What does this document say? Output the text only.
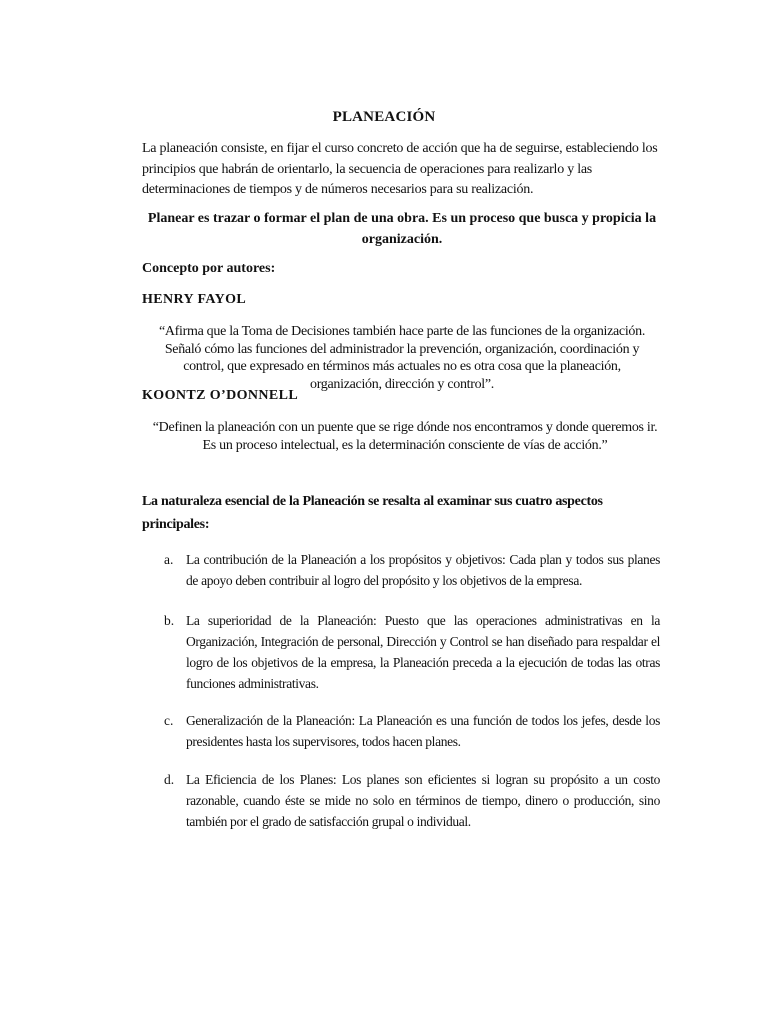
PLANEACIÓN

La planeación consiste, en fijar el curso concreto de acción que ha de seguirse, estableciendo los principios que habrán de orientarlo, la secuencia de operaciones para realizarlo y las determinaciones de tiempos y de números necesarios para su realización.

Planear es trazar o formar el plan de una obra. Es un proceso que busca y propicia la organización.

Concepto por autores:

HENRY FAYOL

“Afirma que la Toma de Decisiones también hace parte de las funciones de la organización. Señaló cómo las funciones del administrador la prevención, organización, coordinación y control, que expresado en términos más actuales no es otra cosa que la planeación, organización, dirección y control”.

KOONTZ O’DONNELL

“Definen la planeación con un puente que se rige dónde nos encontramos y donde queremos ir. Es un proceso intelectual, es la determinación consciente de vías de acción.”

La naturaleza esencial de la Planeación se resalta al examinar sus cuatro aspectos principales:

a. La contribución de la Planeación a los propósitos y objetivos: Cada plan y todos sus planes de apoyo deben contribuir al logro del propósito y los objetivos de la empresa.
b. La superioridad de la Planeación: Puesto que las operaciones administrativas en la Organización, Integración de personal, Dirección y Control se han diseñado para respaldar el logro de los objetivos de la empresa, la Planeación preceda a la ejecución de todas las otras funciones administrativas.
c. Generalización de la Planeación: La Planeación es una función de todos los jefes, desde los presidentes hasta los supervisores, todos hacen planes.
d. La Eficiencia de los Planes: Los planes son eficientes si logran su propósito a un costo razonable, cuando éste se mide no solo en términos de tiempo, dinero o producción, sino también por el grado de satisfacción grupal o individual.
